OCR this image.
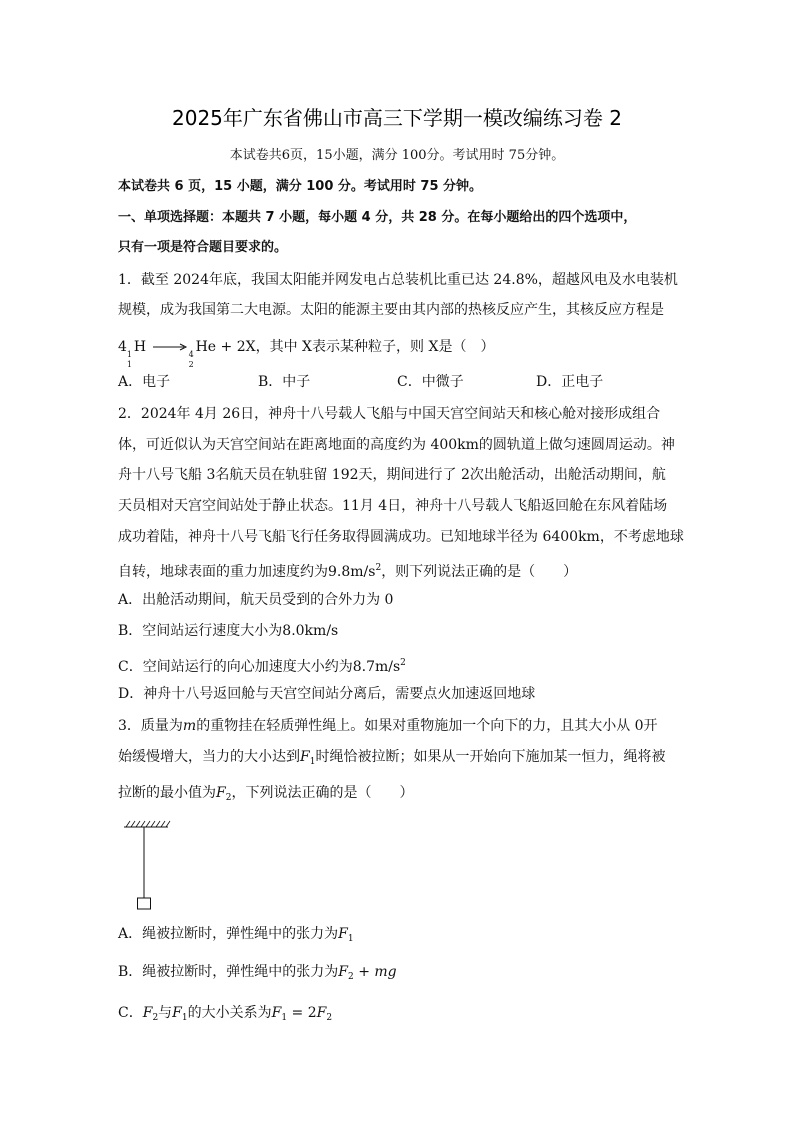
2025年广东省佛山市高三下学期一模改编练习卷 2
本试卷共6页，15小题，满分 100分。考试用时 75分钟。
本试卷共 6 页，15 小题，满分 100 分。考试用时 75 分钟。
一、单项选择题：本题共 7 小题，每小题 4 分，共 28 分。在每小题给出的四个选项中，
只有一项是符合题目要求的。
1．截至 2024年底，我国太阳能并网发电占总装机比重已达 24.8%，超越风电及水电装机
规模，成为我国第二大电源。太阳的能源主要由其内部的热核反应产生，其核反应方程是
4 1
1
H →
4
2
He + 2X，其中 X表示某种粒子，则 X是（　）
A．电子	B．中子	C．中微子	D．正电子
2．2024年 4月 26日，神舟十八号载人飞船与中国天宫空间站天和核心舱对接形成组合
体，可近似认为天宫空间站在距离地面的高度约为 400km的圆轨道上做匀速圆周运动。神
舟十八号飞船 3名航天员在轨驻留 192天，期间进行了 2次出舱活动，出舱活动期间，航
天员相对天宫空间站处于静止状态。11月 4日，神舟十八号载人飞船返回舱在东风着陆场
成功着陆，神舟十八号飞船飞行任务取得圆满成功。已知地球半径为 6400km，不考虑地球
自转，地球表面的重力加速度约为$9.8m/s^2$，则下列说法正确的是（　　）
A．出舱活动期间，航天员受到的合外力为 0
B．空间站运行速度大小为8.0km/s
C．空间站运行的向心加速度大小约为$8.7m/s^2$
D．神舟十八号返回舱与天宫空间站分离后，需要点火加速返回地球
3．质量为m的重物挂在轻质弹性绳上。如果对重物施加一个向下的力，且其大小从 0开
始缓慢增大，当力的大小达到$F_1$时绳恰被拉断；如果从一开始向下施加某一恒力，绳将被
拉断的最小值为$F_2$，下列说法正确的是（　　）
A．绳被拉断时，弹性绳中的张力为$F_1$
B．绳被拉断时，弹性绳中的张力为$F_2$ + mg
C．$F_2$与$F_1$的大小关系为$F_1 = 2F_2$
